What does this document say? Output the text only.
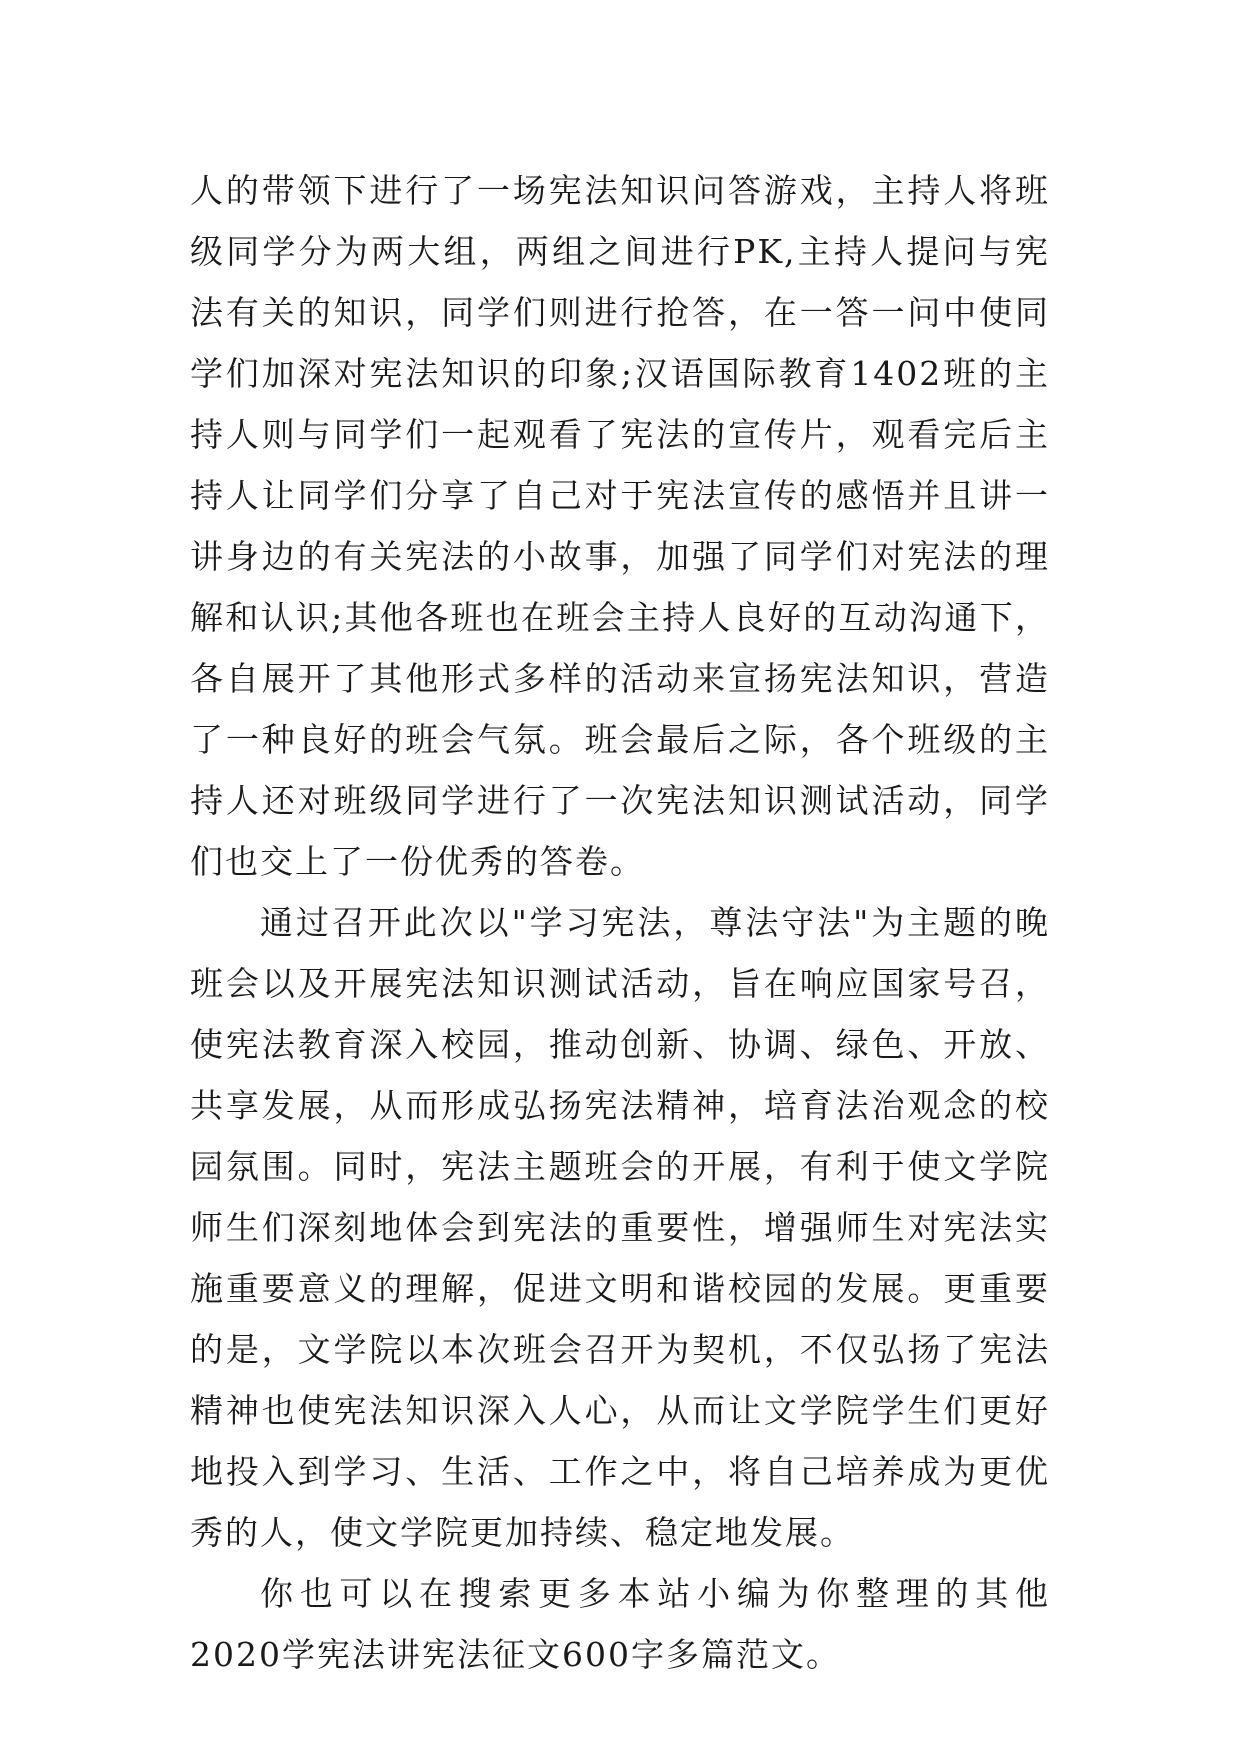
人的带领下进行了一场宪法知识问答游戏，主持人将班级同学分为两大组，两组之间进行PK,主持人提问与宪法有关的知识，同学们则进行抢答，在一答一问中使同学们加深对宪法知识的印象;汉语国际教育1402班的主持人则与同学们一起观看了宪法的宣传片，观看完后主持人让同学们分享了自己对于宪法宣传的感悟并且讲一讲身边的有关宪法的小故事，加强了同学们对宪法的理解和认识;其他各班也在班会主持人良好的互动沟通下，各自展开了其他形式多样的活动来宣扬宪法知识，营造了一种良好的班会气氛。班会最后之际，各个班级的主持人还对班级同学进行了一次宪法知识测试活动，同学们也交上了一份优秀的答卷。

通过召开此次以"学习宪法，尊法守法"为主题的晚班会以及开展宪法知识测试活动，旨在响应国家号召，使宪法教育深入校园，推动创新、协调、绿色、开放、共享发展，从而形成弘扬宪法精神，培育法治观念的校园氛围。同时，宪法主题班会的开展，有利于使文学院师生们深刻地体会到宪法的重要性，增强师生对宪法实施重要意义的理解，促进文明和谐校园的发展。更重要的是，文学院以本次班会召开为契机，不仅弘扬了宪法精神也使宪法知识深入人心，从而让文学院学生们更好地投入到学习、生活、工作之中，将自己培养成为更优秀的人，使文学院更加持续、稳定地发展。

你也可以在搜索更多本站小编为你整理的其他2020学宪法讲宪法征文600字多篇范文。
